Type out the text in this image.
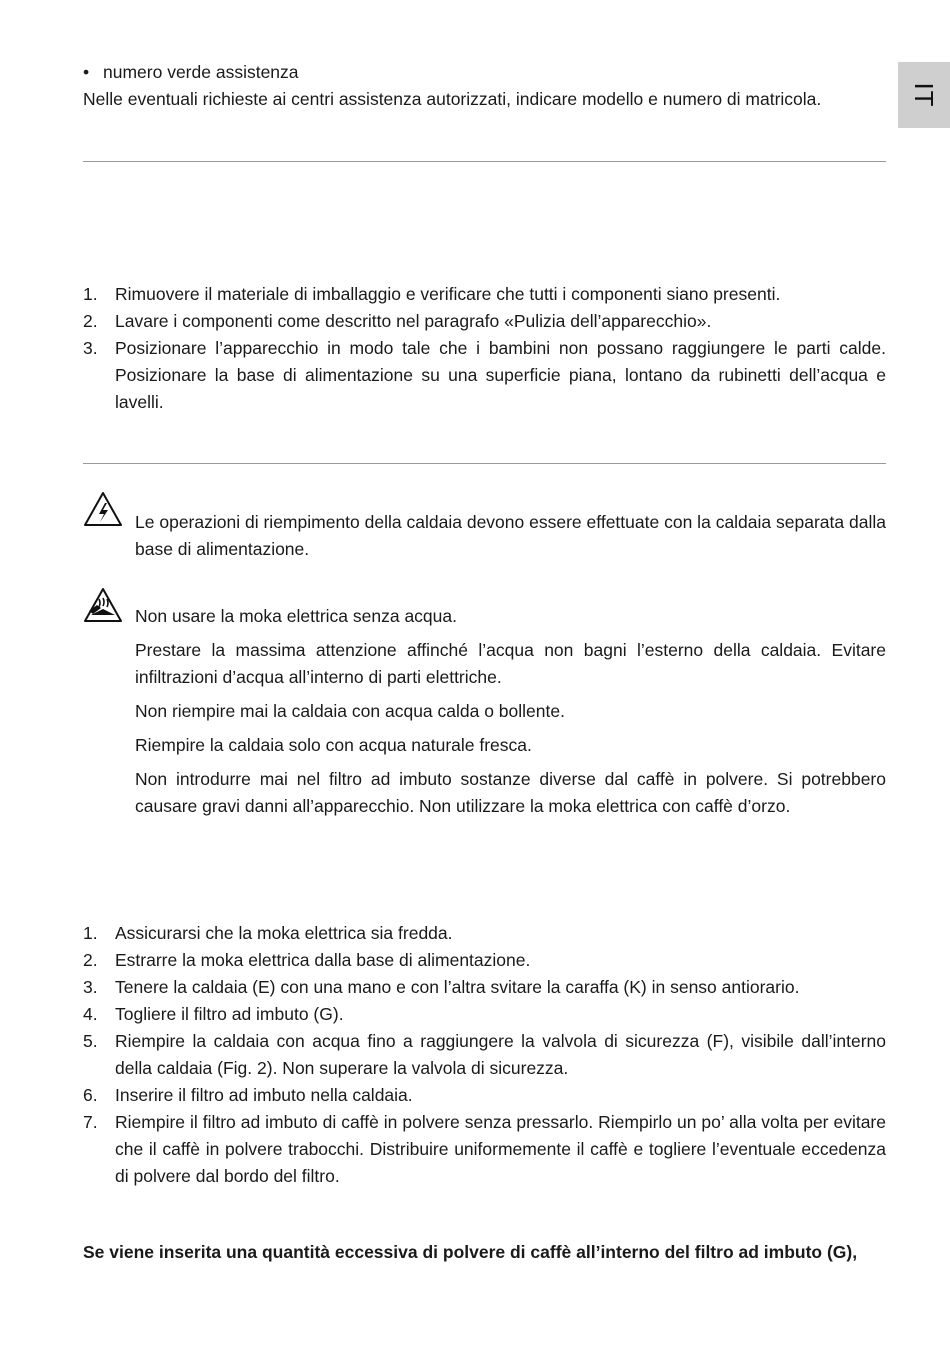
IT
• numero verde assistenza
Nelle eventuali richieste ai centri assistenza autorizzati, indicare modello e numero di matricola.
1. Rimuovere il materiale di imballaggio e verificare che tutti i componenti siano presenti.
2. Lavare i componenti come descritto nel paragrafo «Pulizia dell’apparecchio».
3. Posizionare l’apparecchio in modo tale che i bambini non possano raggiungere le parti calde. Posizionare la base di alimentazione su una superficie piana, lontano da rubinetti dell’acqua e lavelli.

Le operazioni di riempimento della caldaia devono essere effettuate con la caldaia separata dalla base di alimentazione.

Non usare la moka elettrica senza acqua.

Prestare la massima attenzione affinché l’acqua non bagni l’esterno della caldaia. Evitare infiltrazioni d’acqua all’interno di parti elettriche.

Non riempire mai la caldaia con acqua calda o bollente.

Riempire la caldaia solo con acqua naturale fresca.

Non introdurre mai nel filtro ad imbuto sostanze diverse dal caffè in polvere. Si potrebbero causare gravi danni all’apparecchio. Non utilizzare la moka elettrica con caffè d’orzo.

1. Assicurarsi che la moka elettrica sia fredda.
2. Estrarre la moka elettrica dalla base di alimentazione.
3. Tenere la caldaia (E) con una mano e con l’altra svitare la caraffa (K) in senso antiorario.
4. Togliere il filtro ad imbuto (G).
5. Riempire la caldaia con acqua fino a raggiungere la valvola di sicurezza (F), visibile dall’interno della caldaia (Fig. 2). Non superare la valvola di sicurezza.
6. Inserire il filtro ad imbuto nella caldaia.
7. Riempire il filtro ad imbuto di caffè in polvere senza pressarlo. Riempirlo un po’ alla volta per evitare che il caffè in polvere trabocchi. Distribuire uniformemente il caffè e togliere l’eventuale eccedenza di polvere dal bordo del filtro.
Se viene inserita una quantità eccessiva di polvere di caffè all’interno del filtro ad imbuto (G),
